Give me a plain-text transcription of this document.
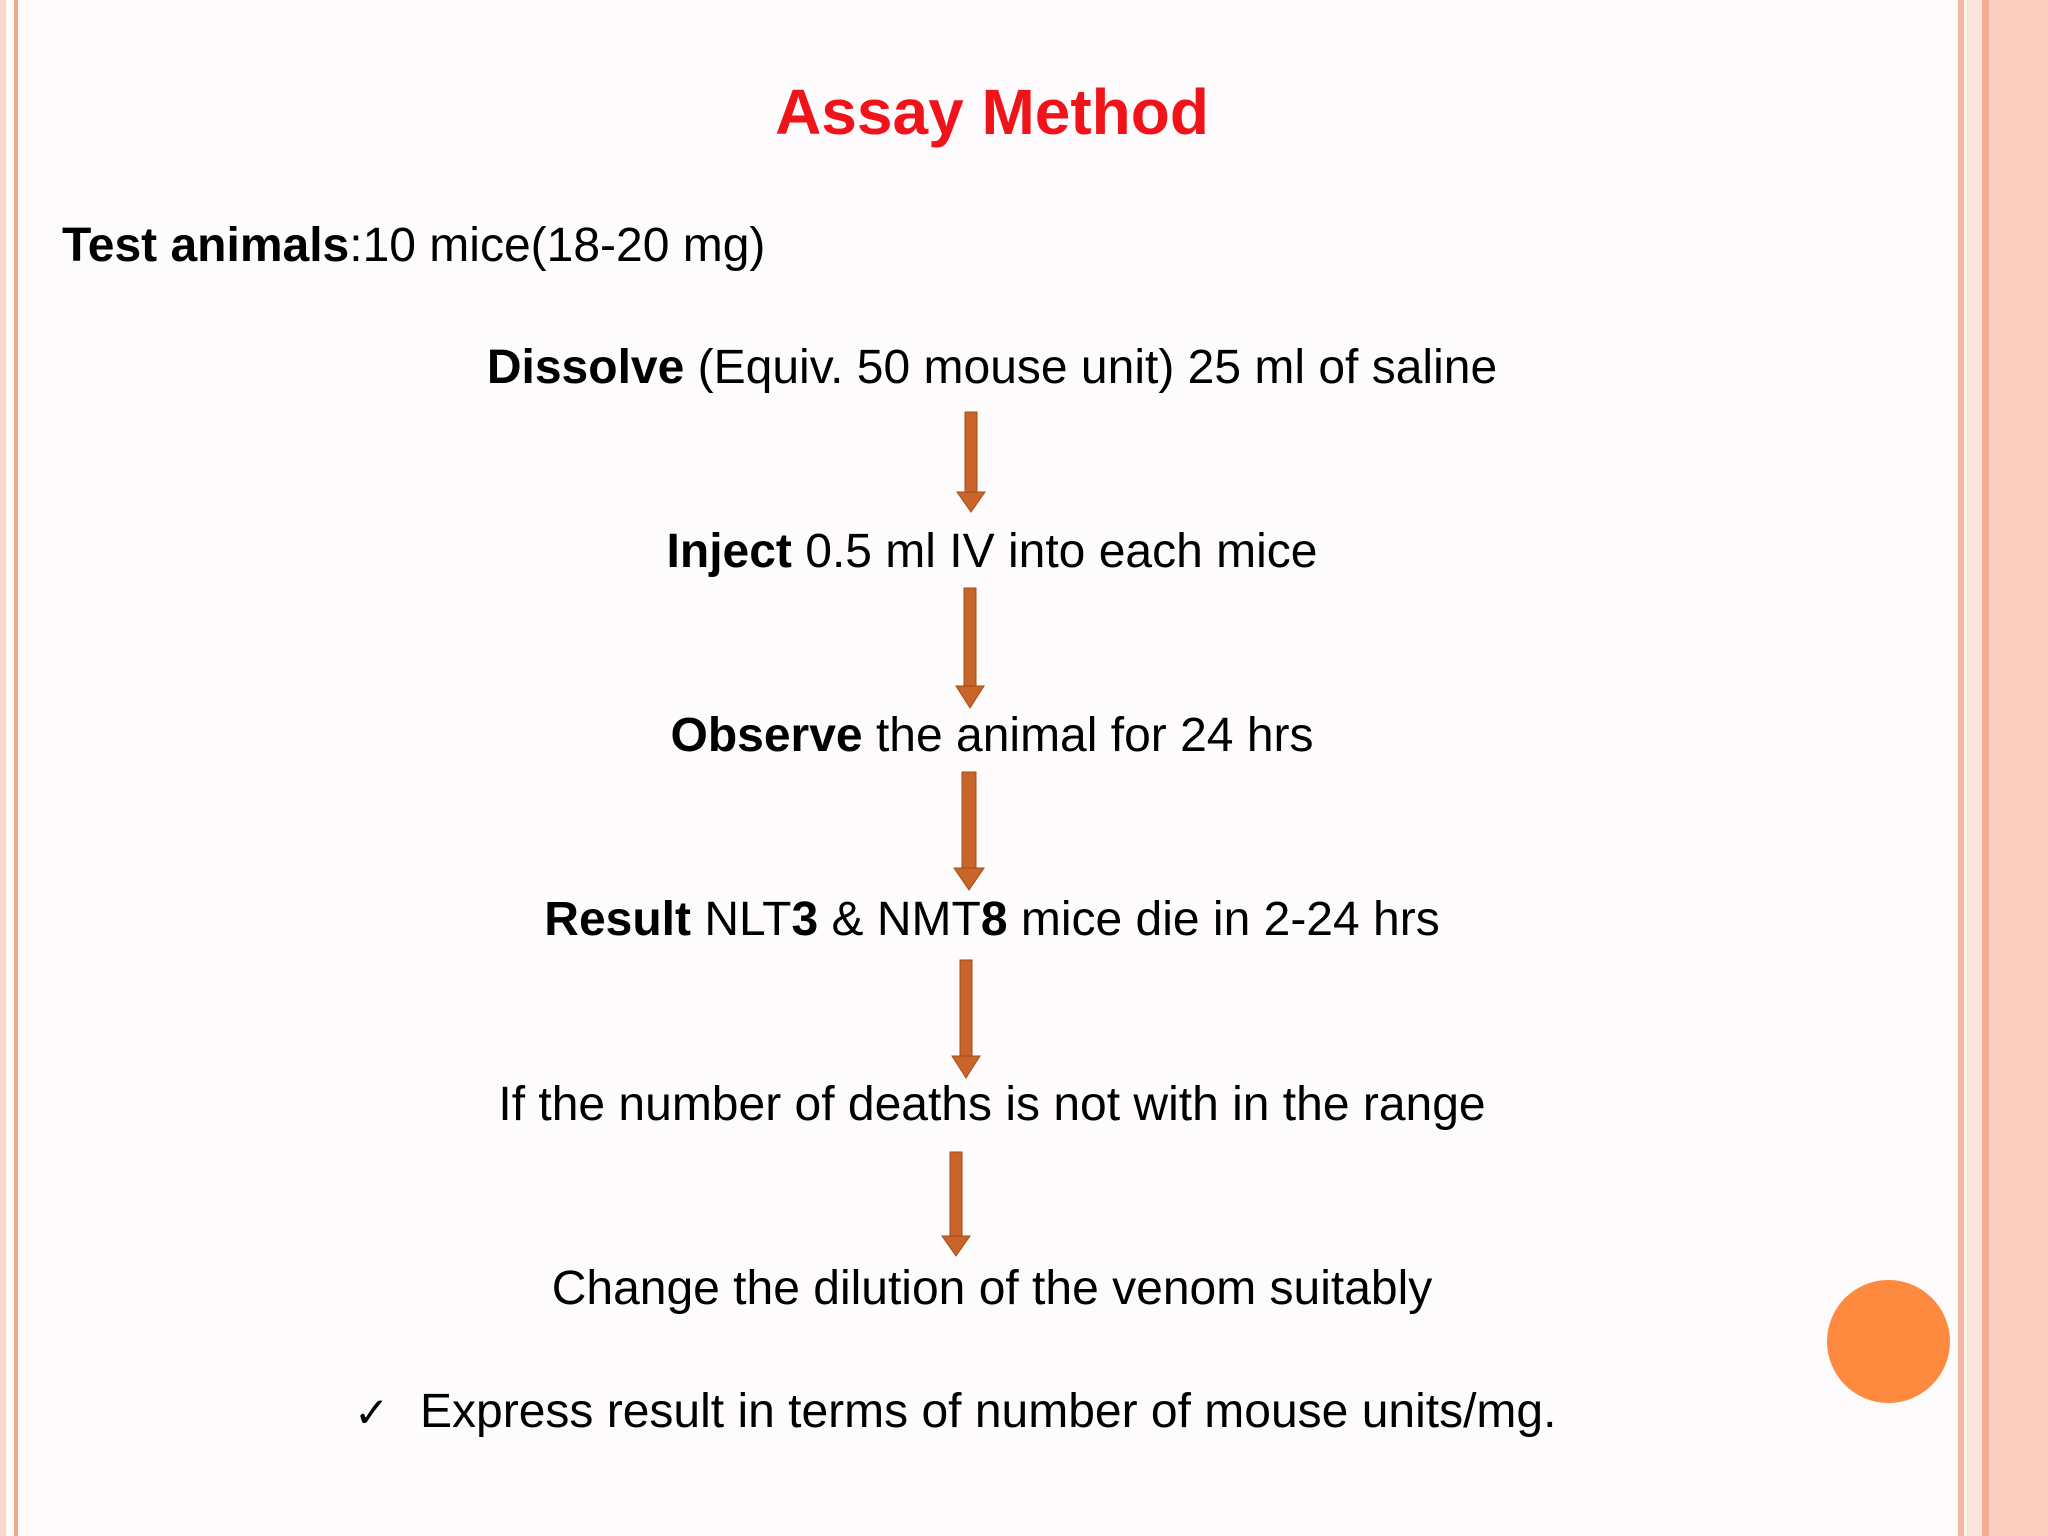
Assay Method
Test animals:10 mice(18-20 mg)
Dissolve (Equiv. 50 mouse unit) 25 ml of saline
Inject 0.5 ml IV into each mice
Observe the animal for 24 hrs
Result NLT3 & NMT8 mice die in 2-24 hrs
If the number of deaths is not with in the range
Change the dilution of the venom suitably
✓ Express result in terms of number of mouse units/mg.
